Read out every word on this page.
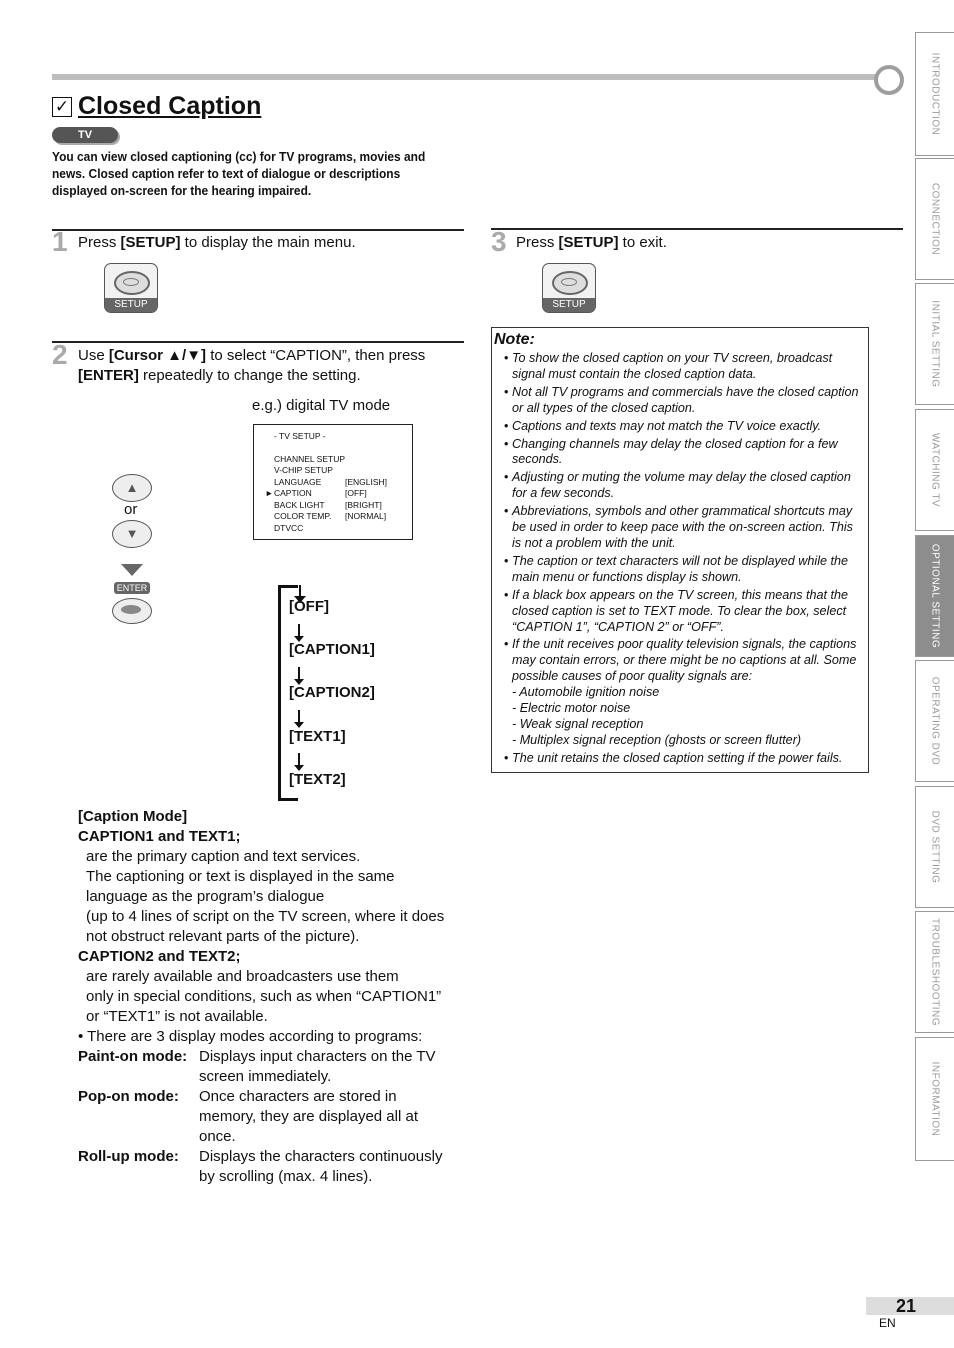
✓ Closed Caption
TV
You can view closed captioning (cc) for TV programs, movies and news. Closed caption refer to text of dialogue or descriptions displayed on-screen for the hearing impaired.
1 Press [SETUP] to display the main menu.
SETUP
2 Use [Cursor ▲/▼] to select “CAPTION”, then press [ENTER] repeatedly to change the setting.
e.g.) digital TV mode
- TV SETUP -
CHANNEL SETUP
V-CHIP SETUP
LANGUAGE	[ENGLISH]
► CAPTION	[OFF]
BACK LIGHT [BRIGHT]
COLOR TEMP. [NORMAL]
DTVCC
▲
or
▼
ENTER
[OFF]
[CAPTION1]
[CAPTION2]
[TEXT1]
[TEXT2]
[Caption Mode]
CAPTION1 and TEXT1;
are the primary caption and text services.
The captioning or text is displayed in the same
language as the program’s dialogue
(up to 4 lines of script on the TV screen, where it does
not obstruct relevant parts of the picture).
CAPTION2 and TEXT2;
are rarely available and broadcasters use them
only in special conditions, such as when “CAPTION1”
or “TEXT1” is not available.
• There are 3 display modes according to programs:
Paint-on mode: Displays input characters on the TV
screen immediately.
Pop-on mode:	Once characters are stored in
memory, they are displayed all at
once.
Roll-up mode:	Displays the characters continuously
by scrolling (max. 4 lines).
3 Press [SETUP] to exit.
SETUP
Note:
• To show the closed caption on your TV screen, broadcast signal must contain the closed caption data.
• Not all TV programs and commercials have the closed caption or all types of the closed caption.
• Captions and texts may not match the TV voice exactly.
• Changing channels may delay the closed caption for a few seconds.
• Adjusting or muting the volume may delay the closed caption for a few seconds.
• Abbreviations, symbols and other grammatical shortcuts may be used in order to keep pace with the on-screen action. This is not a problem with the unit.
• The caption or text characters will not be displayed while the main menu or functions display is shown.
• If a black box appears on the TV screen, this means that the closed caption is set to TEXT mode. To clear the box, select “CAPTION 1”, “CAPTION 2” or “OFF”.
• If the unit receives poor quality television signals, the captions may contain errors, or there might be no captions at all. Some possible causes of poor quality signals are:
- Automobile ignition noise
- Electric motor noise
- Weak signal reception
- Multiplex signal reception (ghosts or screen flutter)
• The unit retains the closed caption setting if the power fails.
INTRODUCTION
CONNECTION
INITIAL SETTING
WATCHING TV
OPTIONAL SETTING
OPERATING DVD
DVD SETTING
TROUBLESHOOTING
INFORMATION
21
EN
